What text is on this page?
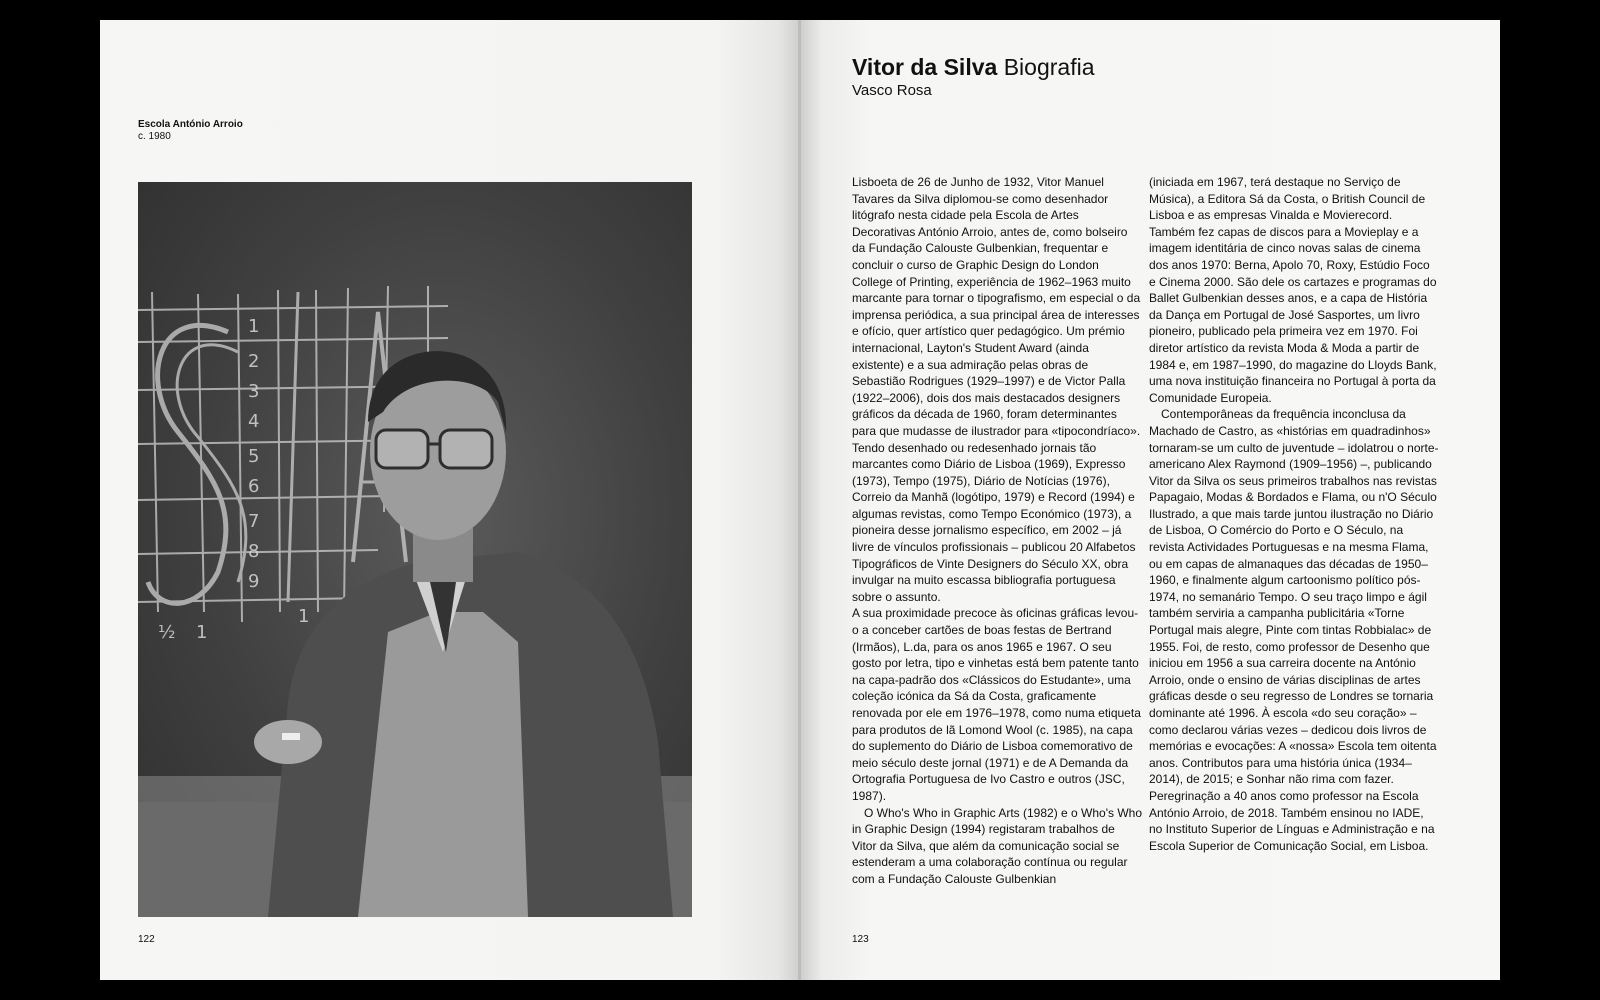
Escola António Arroio
c. 1980
1
2
3
4
5
6
7
8
9
½ 1
1
122
Vitor da Silva Biografia
Vasco Rosa

Lisboeta de 26 de Junho de 1932, Vitor Manuel Tavares da Silva diplomou-se como desenhador litógrafo nesta cidade pela Escola de Artes Decorativas António Arroio, antes de, como bolseiro da Fundação Calouste Gulbenkian, frequentar e concluir o curso de Graphic Design do London College of Printing, experiência de 1962–1963 muito marcante para tornar o tipografismo, em especial o da imprensa periódica, a sua principal área de interesses e ofício, quer artístico quer pedagógico. Um prémio internacional, Layton's Student Award (ainda existente) e a sua admiração pelas obras de Sebastião Rodrigues (1929–1997) e de Victor Palla (1922–2006), dois dos mais destacados designers gráficos da década de 1960, foram determinantes para que mudasse de ilustrador para «tipocondríaco». Tendo desenhado ou redesenhado jornais tão marcantes como Diário de Lisboa (1969), Expresso (1973), Tempo (1975), Diário de Notícias (1976), Correio da Manhã (logótipo, 1979) e Record (1994) e algumas revistas, como Tempo Económico (1973), a pioneira desse jornalismo específico, em 2002 – já livre de vínculos profissionais – publicou 20 Alfabetos Tipográficos de Vinte Designers do Século XX, obra invulgar na muito escassa bibliografia portuguesa sobre o assunto.

A sua proximidade precoce às oficinas gráficas levou-o a conceber cartões de boas festas de Bertrand (Irmãos), L.da, para os anos 1965 e 1967. O seu gosto por letra, tipo e vinhetas está bem patente tanto na capa-padrão dos «Clássicos do Estudante», uma coleção icónica da Sá da Costa, graficamente renovada por ele em 1976–1978, como numa etiqueta para produtos de lã Lomond Wool (c. 1985), na capa do suplemento do Diário de Lisboa comemorativo de meio século deste jornal (1971) e de A Demanda da Ortografia Portuguesa de Ivo Castro e outros (JSC, 1987).

O Who's Who in Graphic Arts (1982) e o Who's Who in Graphic Design (1994) registaram trabalhos de Vitor da Silva, que além da comunicação social se estenderam a uma colaboração contínua ou regular com a Fundação Calouste Gulbenkian

(iniciada em 1967, terá destaque no Serviço de Música), a Editora Sá da Costa, o British Council de Lisboa e as empresas Vinalda e Movierecord. Também fez capas de discos para a Movieplay e a imagem identitária de cinco novas salas de cinema dos anos 1970: Berna, Apolo 70, Roxy, Estúdio Foco e Cinema 2000. São dele os cartazes e programas do Ballet Gulbenkian desses anos, e a capa de História da Dança em Portugal de José Sasportes, um livro pioneiro, publicado pela primeira vez em 1970. Foi diretor artístico da revista Moda & Moda a partir de 1984 e, em 1987–1990, do magazine do Lloyds Bank, uma nova instituição financeira no Portugal à porta da Comunidade Europeia.

Contemporâneas da frequência inconclusa da Machado de Castro, as «histórias em quadradinhos» tornaram-se um culto de juventude – idolatrou o norte-americano Alex Raymond (1909–1956) –, publicando Vitor da Silva os seus primeiros trabalhos nas revistas Papagaio, Modas & Bordados e Flama, ou n'O Século Ilustrado, a que mais tarde juntou ilustração no Diário de Lisboa, O Comércio do Porto e O Século, na revista Actividades Portuguesas e na mesma Flama, ou em capas de almanaques das décadas de 1950–1960, e finalmente algum cartoonismo político pós-1974, no semanário Tempo. O seu traço limpo e ágil também serviria a campanha publicitária «Torne Portugal mais alegre, Pinte com tintas Robbialac» de 1955. Foi, de resto, como professor de Desenho que iniciou em 1956 a sua carreira docente na António Arroio, onde o ensino de várias disciplinas de artes gráficas desde o seu regresso de Londres se tornaria dominante até 1996. À escola «do seu coração» – como declarou várias vezes – dedicou dois livros de memórias e evocações: A «nossa» Escola tem oitenta anos. Contributos para uma história única (1934–2014), de 2015; e Sonhar não rima com fazer. Peregrinação a 40 anos como professor na Escola António Arroio, de 2018. Também ensinou no IADE, no Instituto Superior de Línguas e Administração e na Escola Superior de Comunicação Social, em Lisboa.

123
